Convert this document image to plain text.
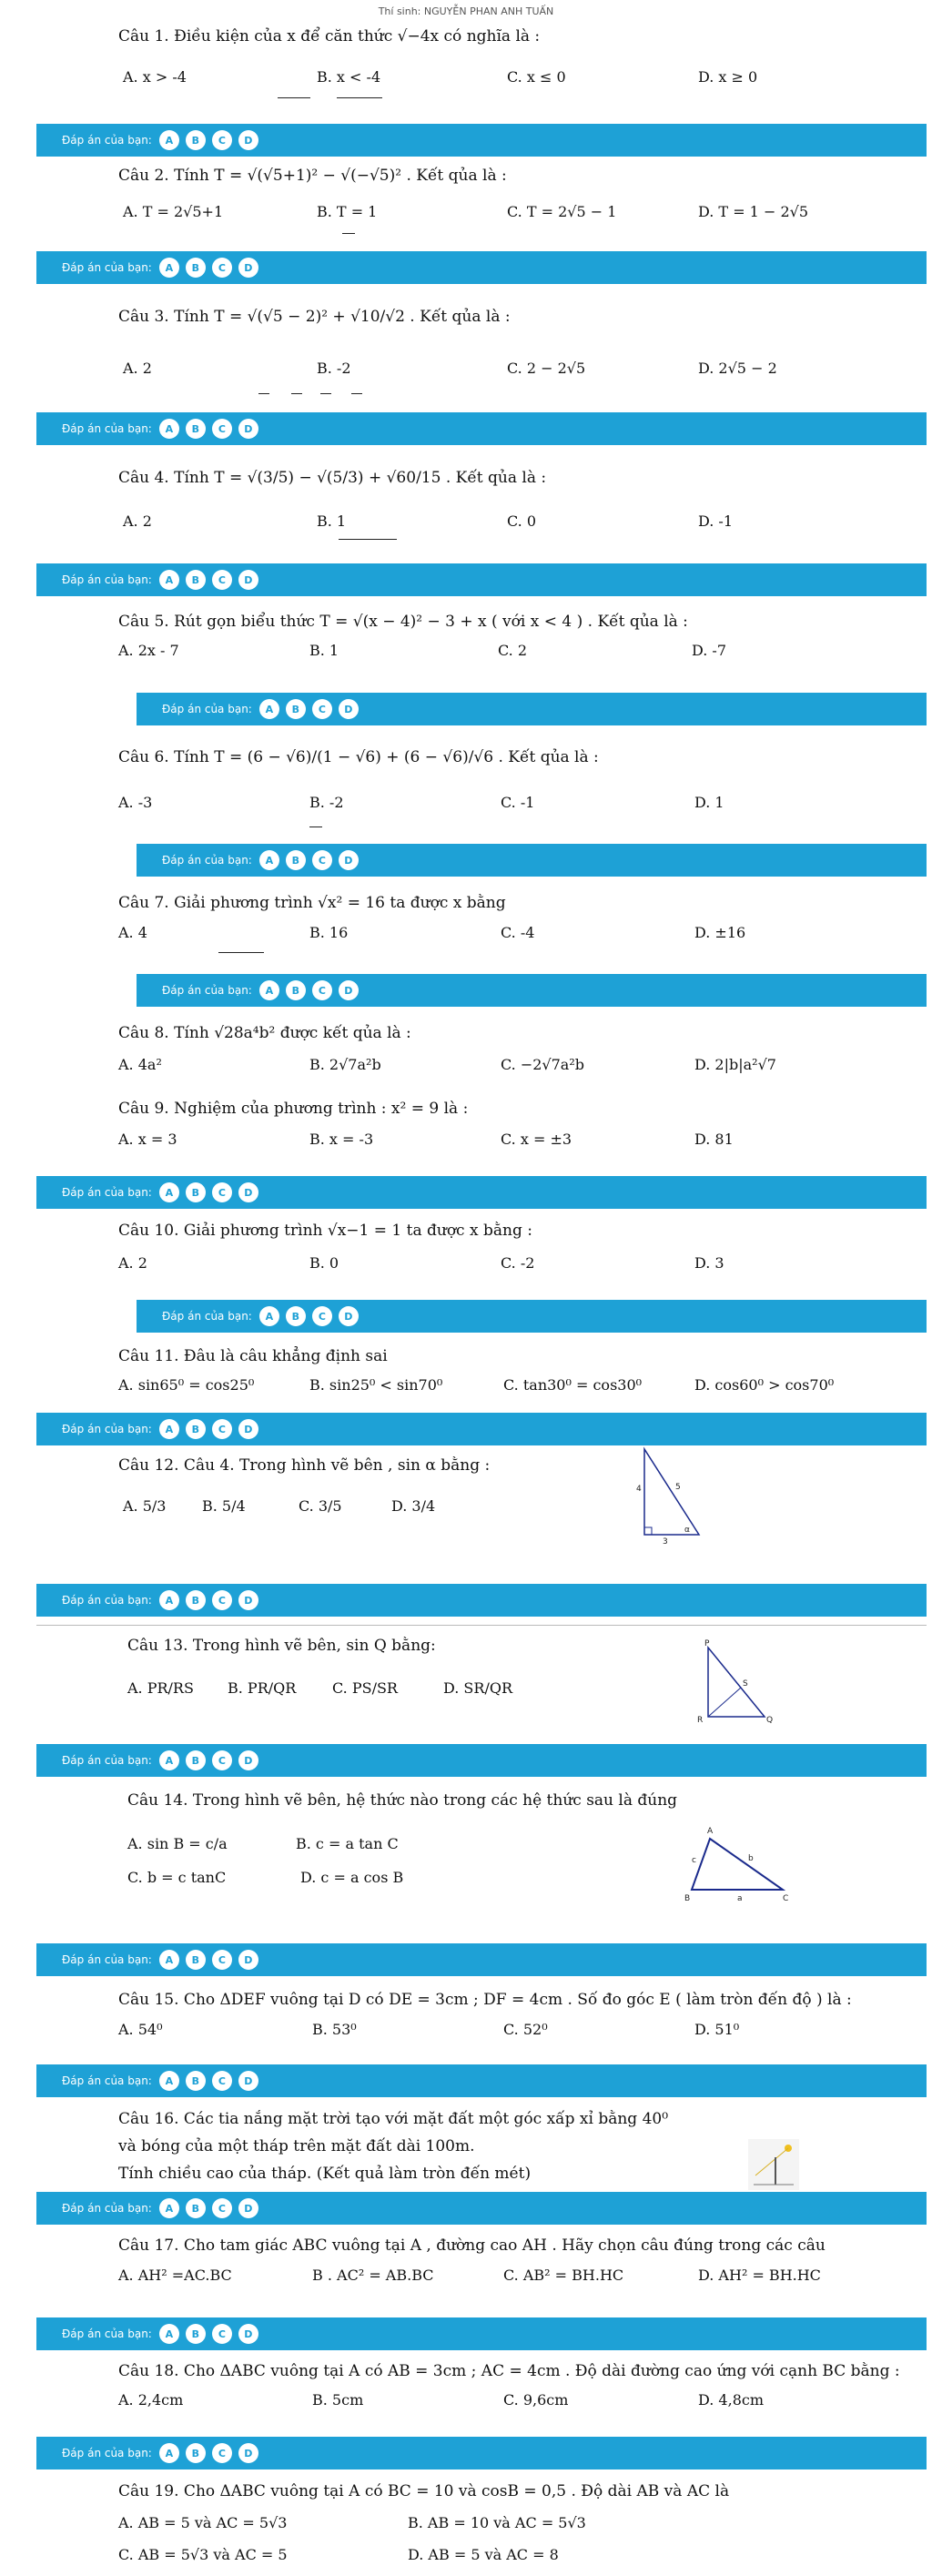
Thí sinh: NGUYỄN PHAN ANH TUẤN
Câu 1. Điều kiện của x để căn thức √−4x có nghĩa là :
A. x > -4	B. x < -4	C. x ≤ 0	D. x ≥ 0
Đáp án của bạn:	A	B	C	D
Câu 2. Tính T = √(√5+1)² − √(−√5)² . Kết qủa là :
A. T = 2√5+1	B. T = 1	C. T = 2√5 − 1	D. T = 1 − 2√5
Đáp án của bạn:	A	B	C	D
Câu 3. Tính T = √(√5 − 2)² + √10/√2 . Kết qủa là :
A. 2	B. -2	C. 2 − 2√5	D. 2√5 − 2
Đáp án của bạn:	A	B	C	D
Câu 4. Tính T = √(3/5) − √(5/3) + √60/15 . Kết qủa là :
A. 2	B. 1	C. 0	D. -1
Đáp án của bạn:	A	B	C	D
Câu 5. Rút gọn biểu thức T = √(x − 4)² − 3 + x ( với x < 4 ) . Kết qủa là :
A. 2x - 7	B. 1	C. 2	D. -7
Đáp án của bạn:	A	B	C	D
Câu 6. Tính T = (6 − √6)/(1 − √6) + (6 − √6)/√6 . Kết qủa là :
A. -3	B. -2	C. -1	D. 1
Đáp án của bạn:	A	B	C	D
Câu 7. Giải phương trình √x² = 16 ta được x bằng
A. 4	B. 16	C. -4	D. ±16
Đáp án của bạn:	A	B	C	D
Câu 8. Tính √28a⁴b² được kết qủa là :
A. 4a²	B. 2√7a²b	C. −2√7a²b	D. 2|b|a²√7
Câu 9. Nghiệm của phương trình : x² = 9 là :
A. x = 3	B. x = -3	C. x = ±3	D. 81
Đáp án của bạn:	A	B	C	D
Câu 10. Giải phương trình √x−1 = 1 ta được x bằng :
A. 2	B. 0	C. -2	D. 3
Đáp án của bạn:	A	B	C	D
Câu 11. Đâu là câu khẳng định sai
A. sin65⁰ = cos25⁰	B. sin25⁰ < sin70⁰	C. tan30⁰ = cos30⁰	D. cos60⁰ > cos70⁰
Đáp án của bạn:	A	B	C	D
Câu 12. Câu 4. Trong hình vẽ bên , sin α bằng :
A. 5/3 B. 5/4	C. 3/5	D. 3/4
4	5
3
α
Đáp án của bạn:	A	B	C	D
Câu 13. Trong hình vẽ bên, sin Q bằng:
A. PR/RS B. PR/QR C. PS/SR	D. SR/QR
P
R	Q
S
Đáp án của bạn:	A	B	C	D
Câu 14. Trong hình vẽ bên, hệ thức nào trong các hệ thức sau là đúng
A. sin B = c/a	B. c = a tan C
C. b = c tanC	D. c = a cos B
A
B	C
b
a
c
Đáp án của bạn:	A	B	C	D
Câu 15. Cho ΔDEF vuông tại D có DE = 3cm ; DF = 4cm . Số đo góc E ( làm tròn đến độ ) là :
A. 54⁰	B. 53⁰	C. 52⁰	D. 51⁰
Đáp án của bạn:	A	B	C	D
Câu 16. Các tia nắng mặt trời tạo với mặt đất một góc xấp xỉ bằng 40⁰
và bóng của một tháp trên mặt đất dài 100m.
Tính chiều cao của tháp. (Kết quả làm tròn đến mét)
Đáp án của bạn:	A	B	C	D
Câu 17. Cho tam giác ABC vuông tại A , đường cao AH . Hãy chọn câu đúng trong các câu
A. AH² =AC.BC	B . AC² = AB.BC	C. AB² = BH.HC	D. AH² = BH.HC
Đáp án của bạn:	A	B	C	D
Câu 18. Cho ΔABC vuông tại A có AB = 3cm ; AC = 4cm . Độ dài đường cao ứng với cạnh BC bằng :
A. 2,4cm	B. 5cm	C. 9,6cm	D. 4,8cm
Đáp án của bạn:	A	B	C	D
Câu 19. Cho ΔABC vuông tại A có BC = 10 và cosB = 0,5 . Độ dài AB và AC là
A. AB = 5 và AC = 5√3	B. AB = 10 và AC = 5√3
C. AB = 5√3 và AC = 5	D. AB = 5 và AC = 8
